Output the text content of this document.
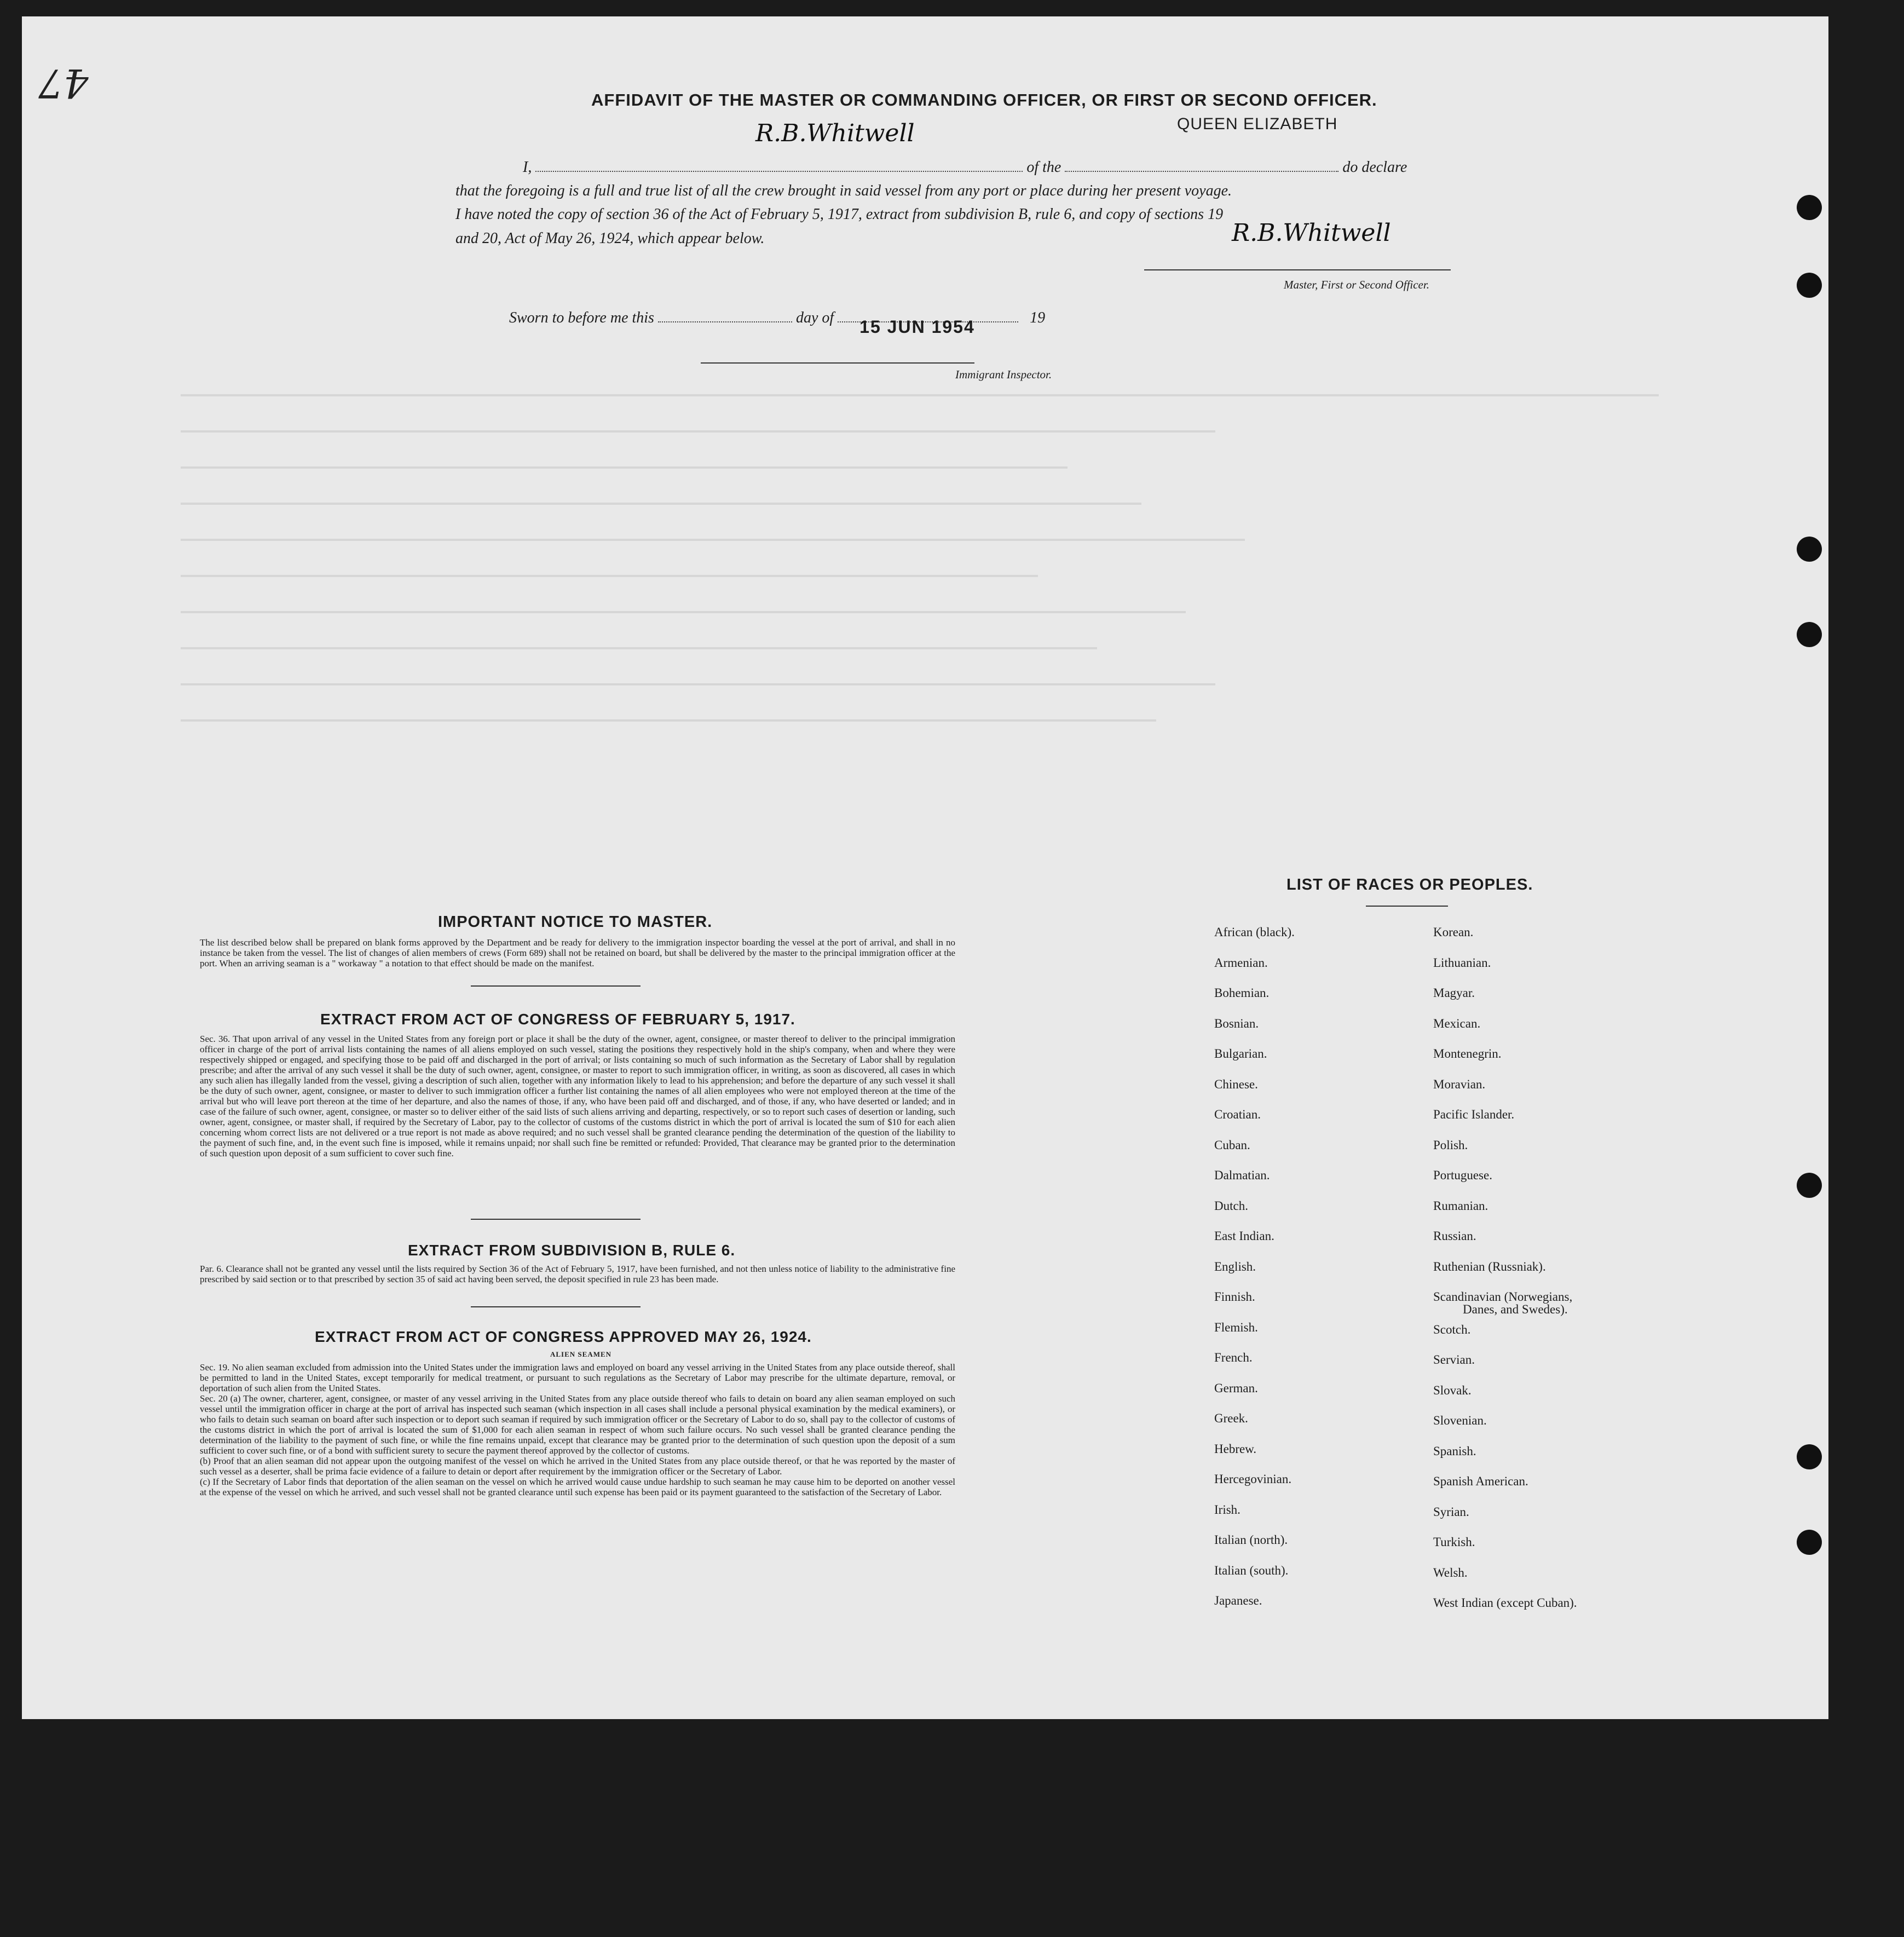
47	AFFIDAVIT OF THE MASTER OR COMMANDING OFFICER, OR FIRST OR SECOND OFFICER.
QUEEN ELIZABETH
R.B.Whitwell
I,	of the	do declare
that the foregoing is a full and true list of all the crew brought in said vessel from any port or place during her present voyage.
I have noted the copy of section 36 of the Act of February 5, 1917, extract from subdivision B, rule 6, and copy of sections 19
and 20, Act of May 26, 1924, which appear below.	R.B.Whitwell
Master, First or Second Officer.
Sworn to before me this	day of 15 JUN 1954	19
Immigrant Inspector.
IMPORTANT NOTICE TO MASTER.
The list described below shall be prepared on blank forms approved by the Department and be ready for delivery to the immigration inspector boarding the vessel at the port of arrival, and shall in no instance be taken from the vessel. The list of changes of alien members of crews (Form 689) shall not be retained on board, but shall be delivered by the master to the principal immigration officer at the port. When an arriving seaman is a " workaway " a notation to that effect should be made on the manifest.
EXTRACT FROM ACT OF CONGRESS OF FEBRUARY 5, 1917.
Sec. 36. That upon arrival of any vessel in the United States from any foreign port or place it shall be the duty of the owner, agent, consignee, or master thereof to deliver to the principal immigration officer in charge of the port of arrival lists containing the names of all aliens employed on such vessel, stating the positions they respectively hold in the ship's company, when and where they were respectively shipped or engaged, and specifying those to be paid off and discharged in the port of arrival; or lists containing so much of such information as the Secretary of Labor shall by regulation prescribe; and after the arrival of any such vessel it shall be the duty of such owner, agent, consignee, or master to report to such immigration officer, in writing, as soon as discovered, all cases in which any such alien has illegally landed from the vessel, giving a description of such alien, together with any information likely to lead to his apprehension; and before the departure of any such vessel it shall be the duty of such owner, agent, consignee, or master to deliver to such immigration officer a further list containing the names of all alien employees who were not employed thereon at the time of the arrival but who will leave port thereon at the time of her departure, and also the names of those, if any, who have been paid off and discharged, and of those, if any, who have deserted or landed; and in case of the failure of such owner, agent, consignee, or master so to deliver either of the said lists of such aliens arriving and departing, respectively, or so to report such cases of desertion or landing, such owner, agent, consignee, or master shall, if required by the Secretary of Labor, pay to the collector of customs of the customs district in which the port of arrival is located the sum of $10 for each alien concerning whom correct lists are not delivered or a true report is not made as above required; and no such vessel shall be granted clearance pending the determination of the question of the liability to the payment of such fine, and, in the event such fine is imposed, while it remains unpaid; nor shall such fine be remitted or refunded: Provided, That clearance may be granted prior to the determination of such question upon deposit of a sum sufficient to cover such fine.
EXTRACT FROM SUBDIVISION B, RULE 6.
Par. 6. Clearance shall not be granted any vessel until the lists required by Section 36 of the Act of February 5, 1917, have been furnished, and not then unless notice of liability to the administrative fine prescribed by said section or to that prescribed by section 35 of said act having been served, the deposit specified in rule 23 has been made.
EXTRACT FROM ACT OF CONGRESS APPROVED MAY 26, 1924.
ALIEN SEAMEN
Sec. 19. No alien seaman excluded from admission into the United States under the immigration laws and employed on board any vessel arriving in the United States from any place outside thereof, shall be permitted to land in the United States, except temporarily for medical treatment, or pursuant to such regulations as the Secretary of Labor may prescribe for the ultimate departure, removal, or deportation of such alien from the United States.
Sec. 20 (a) The owner, charterer, agent, consignee, or master of any vessel arriving in the United States from any place outside thereof who fails to detain on board any alien seaman employed on such vessel until the immigration officer in charge at the port of arrival has inspected such seaman (which inspection in all cases shall include a personal physical examination by the medical examiners), or who fails to detain such seaman on board after such inspection or to deport such seaman if required by such immigration officer or the Secretary of Labor to do so, shall pay to the collector of customs of the customs district in which the port of arrival is located the sum of $1,000 for each alien seaman in respect of whom such failure occurs. No such vessel shall be granted clearance pending the determination of the liability to the payment of such fine, or while the fine remains unpaid, except that clearance may be granted prior to the determination of such question upon the deposit of a sum sufficient to cover such fine, or of a bond with sufficient surety to secure the payment thereof approved by the collector of customs.
(b) Proof that an alien seaman did not appear upon the outgoing manifest of the vessel on which he arrived in the United States from any place outside thereof, or that he was reported by the master of such vessel as a deserter, shall be prima facie evidence of a failure to detain or deport after requirement by the immigration officer or the Secretary of Labor.
(c) If the Secretary of Labor finds that deportation of the alien seaman on the vessel on which he arrived would cause undue hardship to such seaman he may cause him to be deported on another vessel at the expense of the vessel on which he arrived, and such vessel shall not be granted clearance until such expense has been paid or its payment guaranteed to the satisfaction of the Secretary of Labor.
LIST OF RACES OR PEOPLES.
African (black).
Armenian.
Bohemian.
Bosnian.
Bulgarian.
Chinese.
Croatian.
Cuban.
Dalmatian.
Dutch.
East Indian.
English.
Finnish.
Flemish.
French.
German.
Greek.
Hebrew.
Hercegovinian.
Irish.
Italian (north).
Italian (south).
Japanese.
Korean.
Lithuanian.
Magyar.
Mexican.
Montenegrin.
Moravian.
Pacific Islander.
Polish.
Portuguese.
Rumanian.
Russian.
Ruthenian (Russniak).
Scandinavian (Norwegians,
Scotch.
Servian.
Slovak.
Slovenian.
Spanish.
Spanish American.
Syrian.
Turkish.
Welsh.
West Indian (except Cuban).
Danes, and Swedes).
